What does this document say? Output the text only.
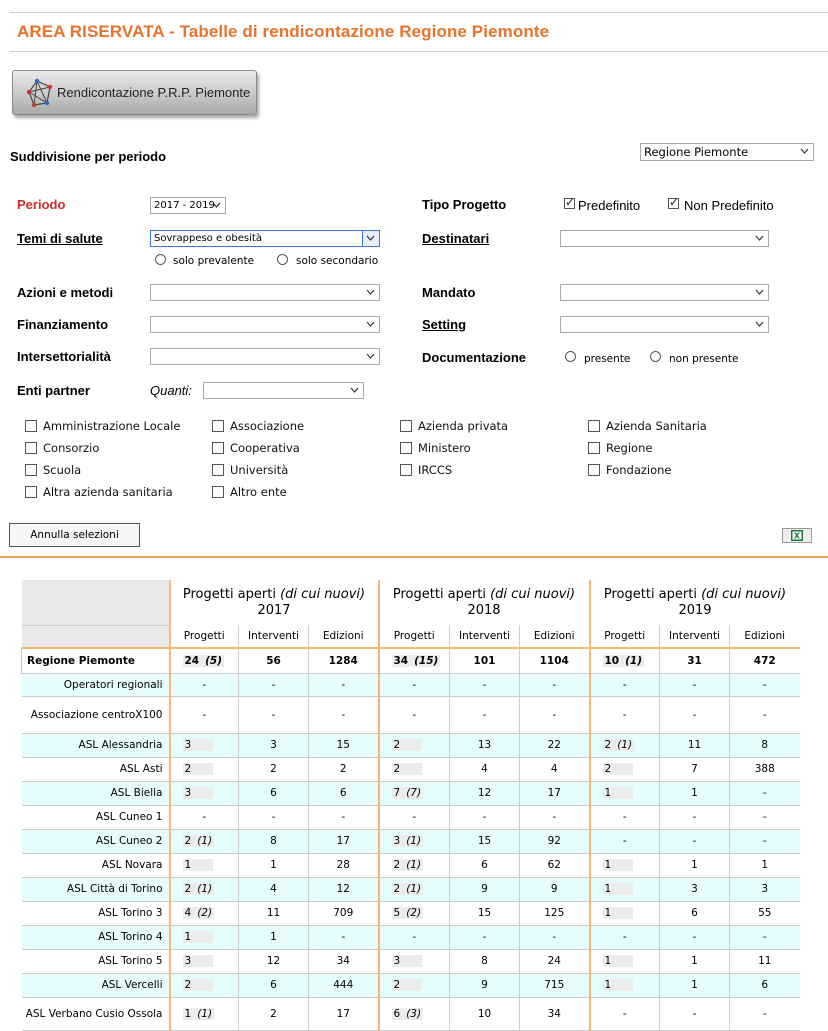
AREA RISERVATA - Tabelle di rendicontazione Regione Piemonte
Rendicontazione P.R.P. Piemonte
Suddivisione per periodo	Regione Piemonte
Periodo	2017 - 2019	Tipo Progetto ✓	Predefinito ✓	Non Predefinito
Temi di salute	Sovrappeso e obesità
solo prevalente	solo secondario
Destinatari
Azioni e metodi	Mandato
Finanziamento	Setting
Intersettorialità	Documentazione	presente	non presente
Enti partner	Quanti:
Amministrazione Locale	Associazione	Azienda privata	Azienda Sanitaria
Consorzio	Cooperativa	Ministero	Regione
Scuola	Università	IRCCS	Fondazione
Altra azienda sanitaria	Altro ente
Annulla selezioni	X
	Progetti aperti (di cui nuovi)
2017			Progetti aperti (di cui nuovi)
2018			Progetti aperti (di cui nuovi)
2019		
	Progetti	Interventi	Edizioni	Progetti	Interventi	Edizioni	Progetti	Interventi	Edizioni
Regione Piemonte	24 (5)	56	1284	34 (15)	101	1104	10 (1)	31	472
Operatori regionali	-	-	-	-	-	-	-	-	-
Associazione centroX100	-	-	-	-	-	-	-	-	-
ASL Alessandria	3	3	15	2	13	22	2 (1)	11	8
ASL Asti	2	2	2	2	4	4	2	7	388
ASL Biella	3	6	6	7 (7)	12	17	1	1	-
ASL Cuneo 1	-	-	-	-	-	-	-	-	-
ASL Cuneo 2	2 (1)	8	17	3 (1)	15	92	-	-	-
ASL Novara	1	1	28	2 (1)	6	62	1	1	1
ASL Città di Torino	2 (1)	4	12	2 (1)	9	9	1	3	3
ASL Torino 3	4 (2)	11	709	5 (2)	15	125	1	6	55
ASL Torino 4	1	1	-	-	-	-	-	-	-
ASL Torino 5	3	12	34	3	8	24	1	1	11
ASL Vercelli	2	6	444	2	9	715	1	1	6
ASL Verbano Cusio Ossola	1 (1)	2	17	6 (3)	10	34	-	-	-
